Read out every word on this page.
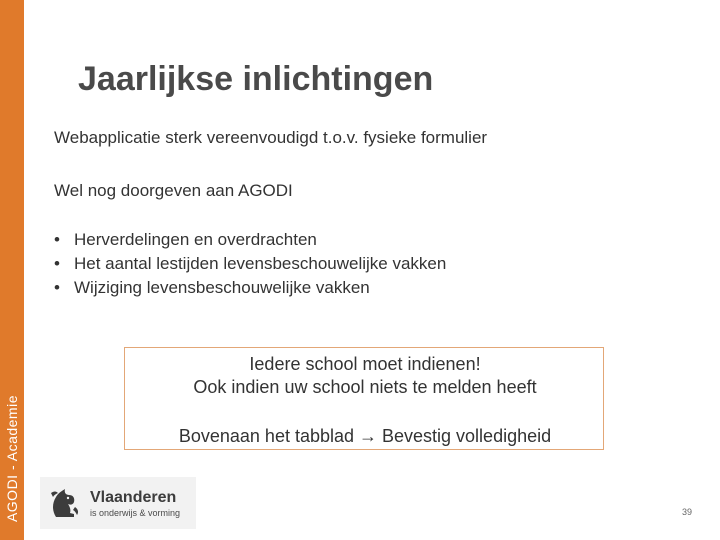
AGODI - Academie
Jaarlijkse inlichtingen
Webapplicatie sterk vereenvoudigd t.o.v. fysieke formulier
Wel nog doorgeven aan AGODI
• Herverdelingen en overdrachten
• Het aantal lestijden levensbeschouwelijke vakken
• Wijziging levensbeschouwelijke vakken
Iedere school moet indienen!
Ook indien uw school niets te melden heeft
Bovenaan het tabblad → Bevestig volledigheid
Vlaanderen
is onderwijs & vorming	39
